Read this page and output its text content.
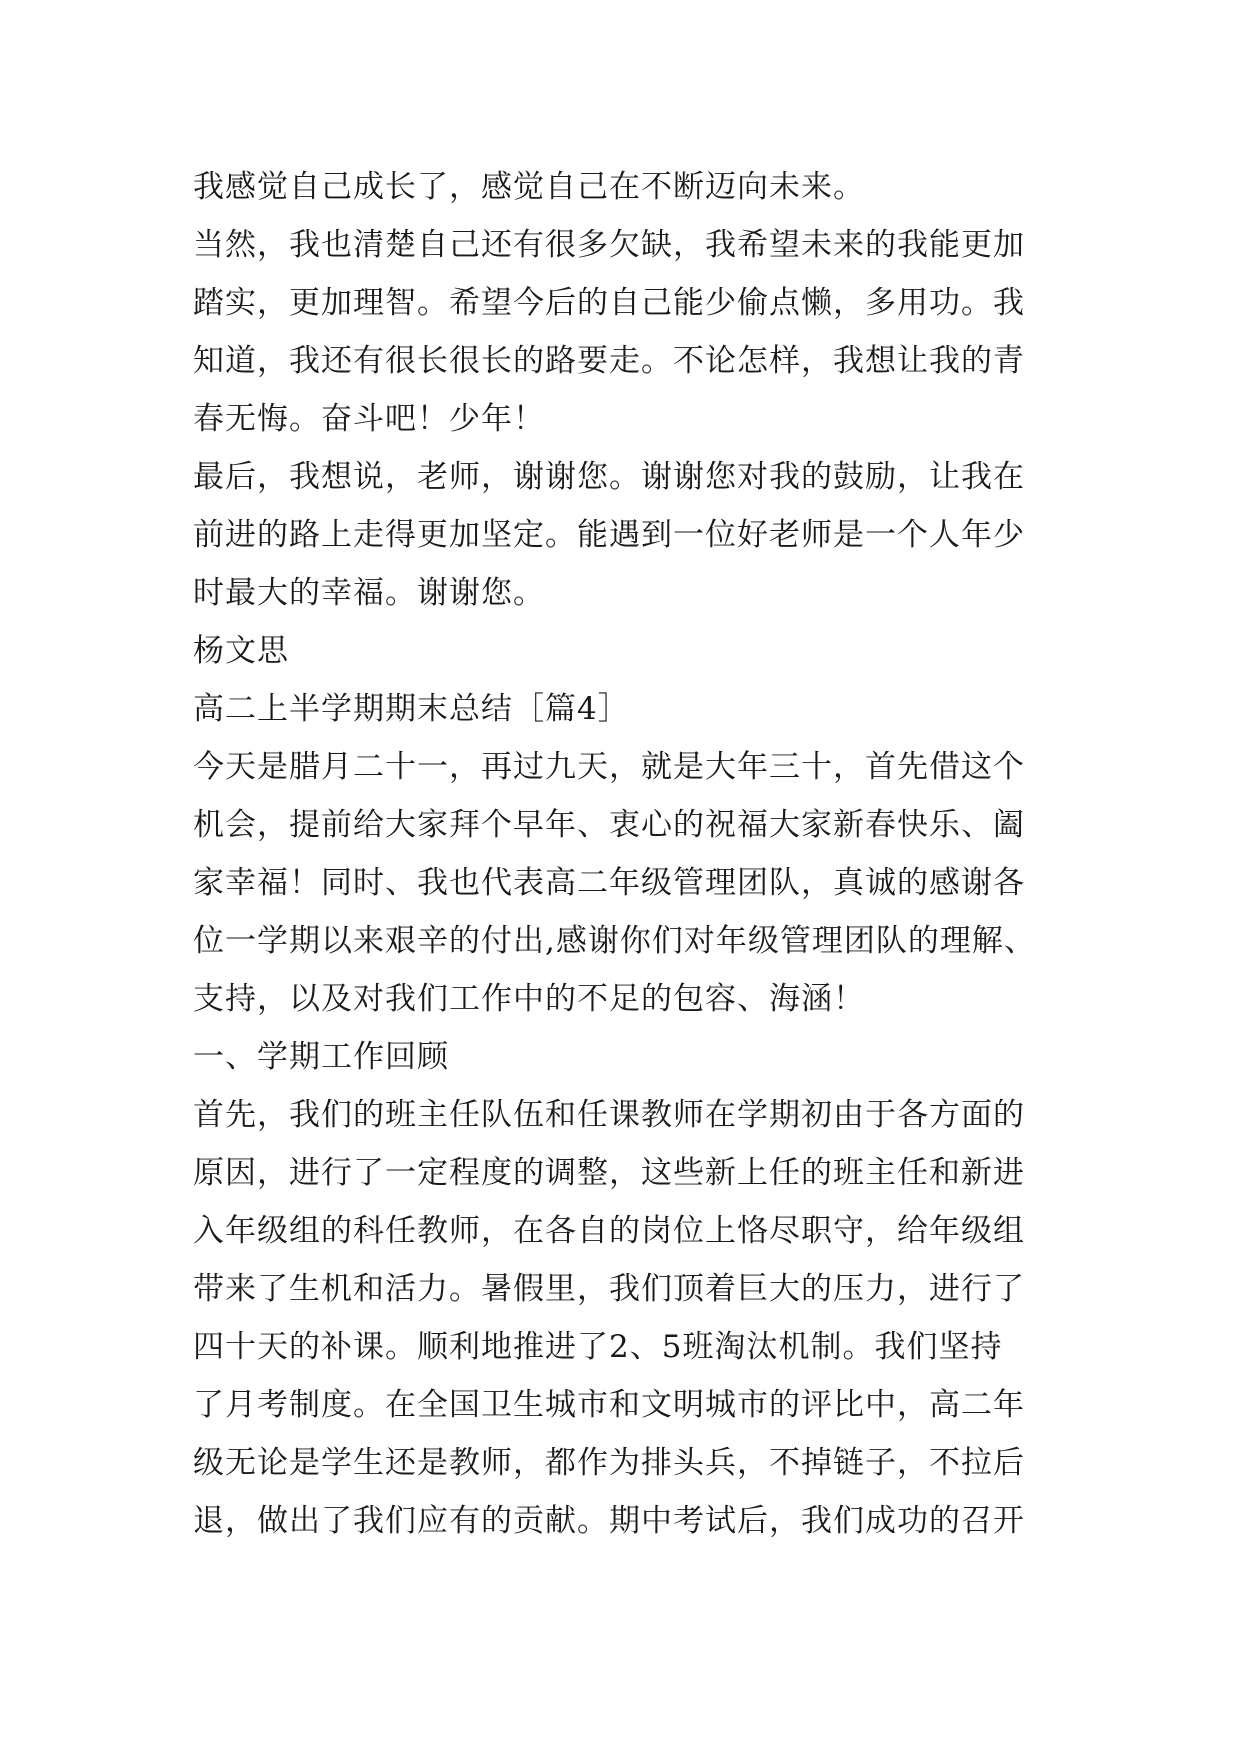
我感觉自己成长了，感觉自己在不断迈向未来。
当然，我也清楚自己还有很多欠缺，我希望未来的我能更加
踏实，更加理智。希望今后的自己能少偷点懒，多用功。我
知道，我还有很长很长的路要走。不论怎样，我想让我的青
春无悔。奋斗吧！少年！
最后，我想说，老师，谢谢您。谢谢您对我的鼓励，让我在
前进的路上走得更加坚定。能遇到一位好老师是一个人年少
时最大的幸福。谢谢您。
杨文思
高二上半学期期末总结［篇4］
今天是腊月二十一，再过九天，就是大年三十，首先借这个
机会，提前给大家拜个早年、衷心的祝福大家新春快乐、阖
家幸福！同时、我也代表高二年级管理团队，真诚的感谢各
位一学期以来艰辛的付出,感谢你们对年级管理团队的理解、
支持，以及对我们工作中的不足的包容、海涵！
一、学期工作回顾
首先，我们的班主任队伍和任课教师在学期初由于各方面的
原因，进行了一定程度的调整，这些新上任的班主任和新进
入年级组的科任教师，在各自的岗位上恪尽职守，给年级组
带来了生机和活力。暑假里，我们顶着巨大的压力，进行了
四十天的补课。顺利地推进了2、5班淘汰机制。我们坚持
了月考制度。在全国卫生城市和文明城市的评比中，高二年
级无论是学生还是教师，都作为排头兵，不掉链子，不拉后
退，做出了我们应有的贡献。期中考试后，我们成功的召开
